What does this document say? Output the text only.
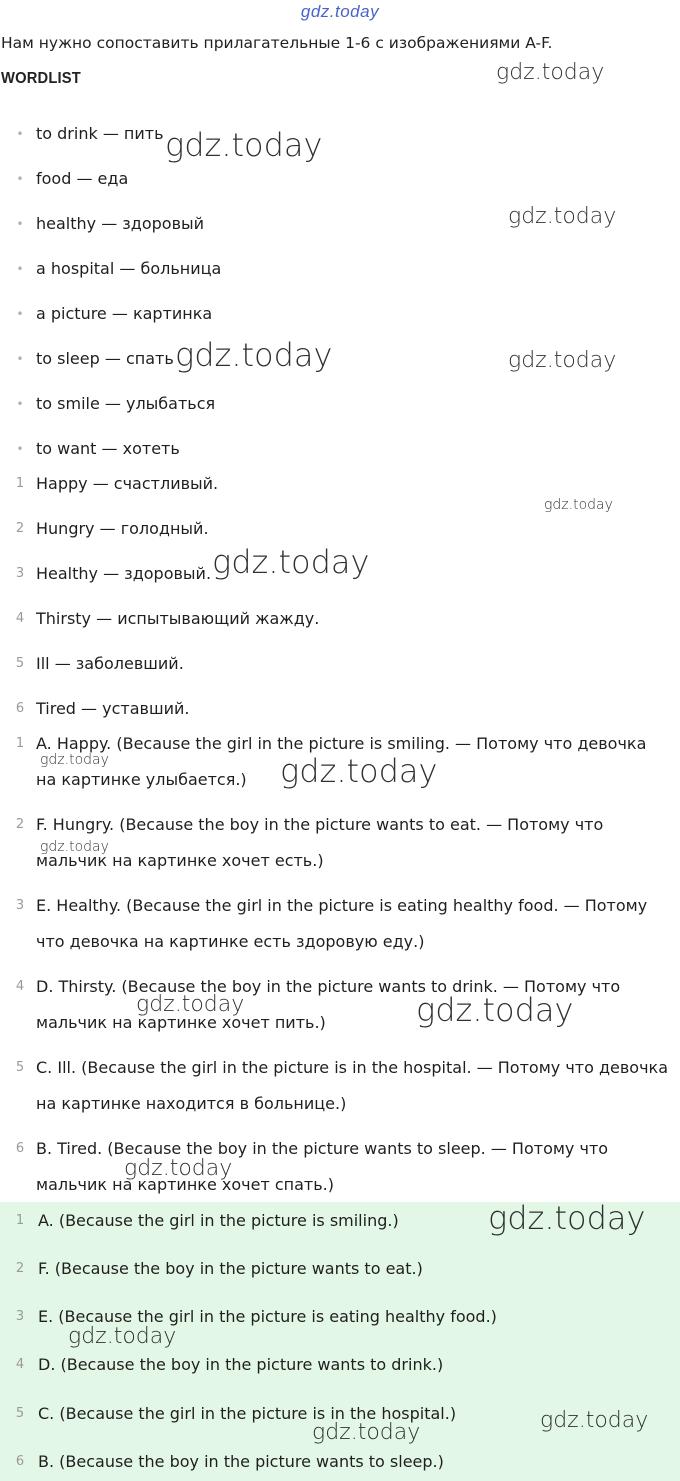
gdz.today
Нам нужно сопоставить прилагательные 1-6 с изображениями A-F.
WORDLIST
• to drink — пить
• food — еда
• healthy — здоровый
• a hospital — больница
• a picture — картинка
• to sleep — спать
• to smile — улыбаться
• to want — хотеть
1 Happy — счастливый.
2 Hungry — голодный.
3 Healthy — здоровый.
4 Thirsty — испытывающий жажду.
5 Ill — заболевший.
6 Tired — уставший.
1 A. Happy. (Because the girl in the picture is smiling. — Потому что девочка на картинке улыбается.)
2 F. Hungry. (Because the boy in the picture wants to eat. — Потому что мальчик на картинке хочет есть.)
3 E. Healthy. (Because the girl in the picture is eating healthy food. — Потому что девочка на картинке есть здоровую еду.)
4 D. Thirsty. (Because the boy in the picture wants to drink. — Потому что мальчик на картинке хочет пить.)
5 C. Ill. (Because the girl in the picture is in the hospital. — Потому что девочка на картинке находится в больнице.)
6 B. Tired. (Because the boy in the picture wants to sleep. — Потому что мальчик на картинке хочет спать.)
1 A. (Because the girl in the picture is smiling.)
2 F. (Because the boy in the picture wants to eat.)
3 E. (Because the girl in the picture is eating healthy food.)
4 D. (Because the boy in the picture wants to drink.)
5 C. (Because the girl in the picture is in the hospital.)
6 B. (Because the boy in the picture wants to sleep.)
gdz.today
gdz.today
gdz.today
gdz.today	gdz.today
gdz.today
gdz.today
gdz.today	gdz.today
gdz.today
gdz.today	gdz.today
gdz.today
gdz.today
gdz.today
gdz.today
gdz.today
